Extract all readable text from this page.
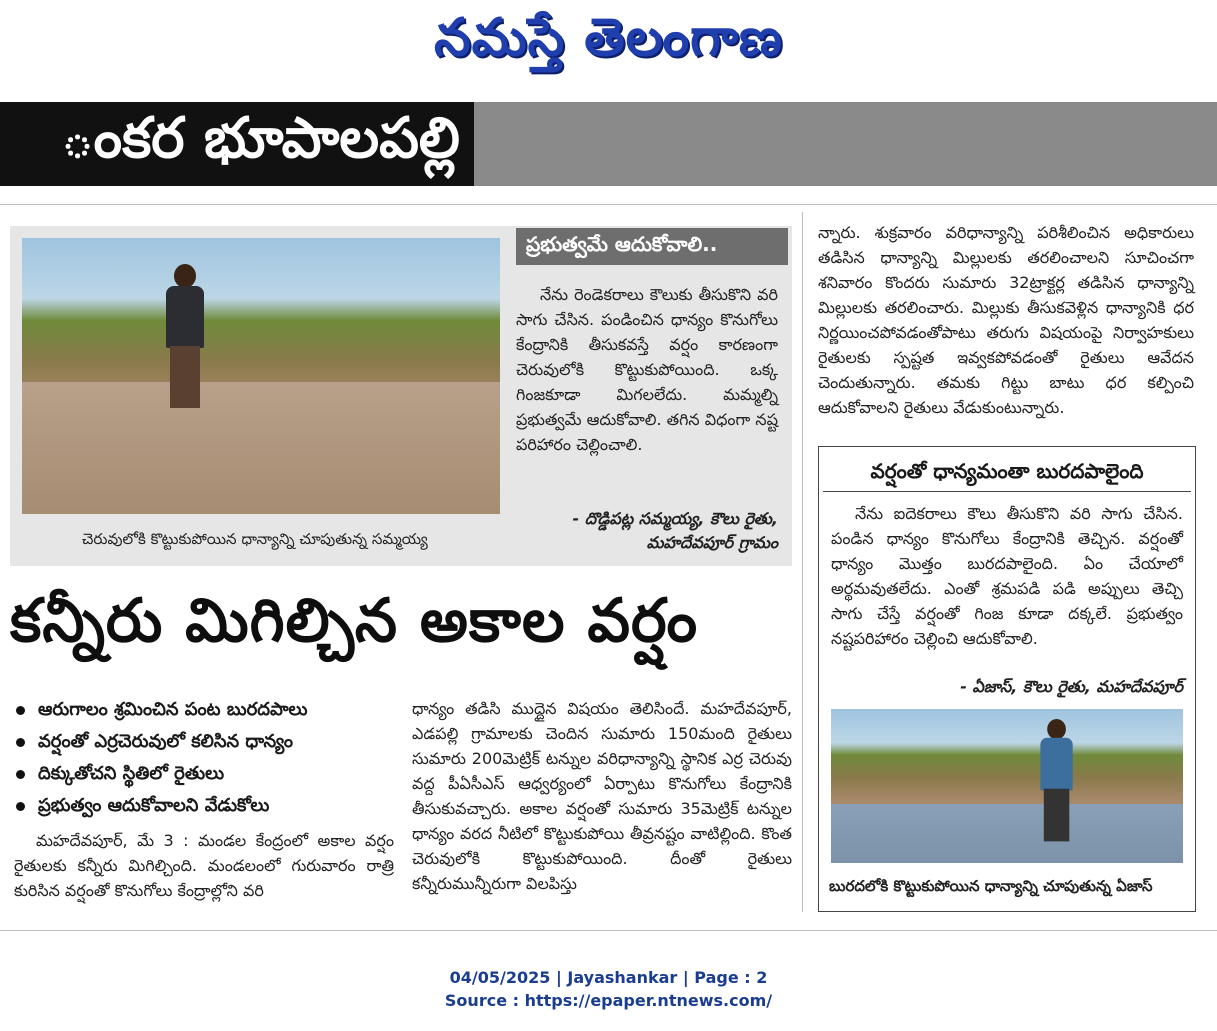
నమస్తే తెలంగాణ
ంకర భూపాలపల్లి
చెరువులోకి కొట్టుకుపోయిన ధాన్యాన్ని చూపుతున్న సమ్మయ్య
ప్రభుత్వమే ఆదుకోవాలి..

నేను రెండెకరాలు కౌలుకు తీసుకొని వరి సాగు చేసిన. పండించిన ధాన్యం కొనుగోలు కేంద్రానికి తీసుకవస్తే వర్షం కారణంగా చెరువులోకి కొట్టుకుపోయింది. ఒక్క గింజకూడా మిగలలేదు. మమ్మల్ని ప్రభుత్వమే ఆదుకోవాలి. తగిన విధంగా నష్ట పరిహారం చెల్లించాలి.

- దొడ్డిపట్ల సమ్మయ్య, కౌలు రైతు,
మహదేవపూర్ గ్రామం
కన్నీరు మిగిల్చిన అకాల వర్షం
ఆరుగాలం శ్రమించిన పంట బురదపాలు
వర్షంతో ఎర్రచెరువులో కలిసిన ధాన్యం
దిక్కుతోచని స్థితిలో రైతులు
ప్రభుత్వం ఆదుకోవాలని వేడుకోలు

మహదేవపూర్, మే 3 : మండల కేంద్రంలో అకాల వర్షం రైతులకు కన్నీరు మిగిల్చింది. మండలంలో గురువారం రాత్రి కురిసిన వర్షంతో కొనుగోలు కేంద్రాల్లోని వరి

ధాన్యం తడిసి ముద్దైన విషయం తెలిసిందే. మహదేవపూర్, ఎడపల్లి గ్రామాలకు చెందిన సుమారు 150మంది రైతులు సుమారు 200మెట్రిక్ టన్నుల వరిధాన్యాన్ని స్థానిక ఎర్ర చెరువు వద్ద పీఏసీఎస్ ఆధ్వర్యంలో ఏర్పాటు కొనుగోలు కేంద్రానికి తీసుకువచ్చారు. అకాల వర్షంతో సుమారు 35మెట్రిక్ టన్నుల ధాన్యం వరద నీటిలో కొట్టుకుపోయి తీవ్రనష్టం వాటిల్లింది. కొంత చెరువులోకి కొట్టుకుపోయింది. దీంతో రైతులు కన్నీరుమున్నీరుగా విలపిస్తు

న్నారు. శుక్రవారం వరిధాన్యాన్ని పరిశీలించిన అధికారులు తడిసిన ధాన్యాన్ని మిల్లులకు తరలించాలని సూచించగా శనివారం కొందరు సుమారు 32ట్రాక్టర్ల తడిసిన ధాన్యాన్ని మిల్లులకు తరలించారు. మిల్లుకు తీసుకవెళ్లిన ధాన్యానికి ధర నిర్ణయించపోవడంతోపాటు తరుగు విషయంపై నిర్వాహకులు రైతులకు స్పష్టత ఇవ్వకపోవడంతో రైతులు ఆవేదన చెందుతున్నారు. తమకు గిట్టు బాటు ధర కల్పించి ఆదుకోవాలని రైతులు వేడుకుంటున్నారు.

వర్షంతో ధాన్యమంతా బురదపాలైంది

నేను ఐదెకరాలు కౌలు తీసుకొని వరి సాగు చేసిన. పండిన ధాన్యం కొనుగోలు కేంద్రానికి తెచ్చిన. వర్షంతో ధాన్యం మొత్తం బురదపాలైంది. ఏం చేయాలో అర్థమవుతలేదు. ఎంతో శ్రమపడి పడి అప్పులు తెచ్చి సాగు చేస్తే వర్షంతో గింజ కూడా దక్కలే. ప్రభుత్వం నష్టపరిహారం చెల్లించి ఆదుకోవాలి.

- ఏజాస్, కౌలు రైతు, మహదేవపూర్
బురదలోకి కొట్టుకుపోయిన ధాన్యాన్ని చూపుతున్న ఏజాస్
04/05/2025 | Jayashankar | Page : 2
Source : https://epaper.ntnews.com/
